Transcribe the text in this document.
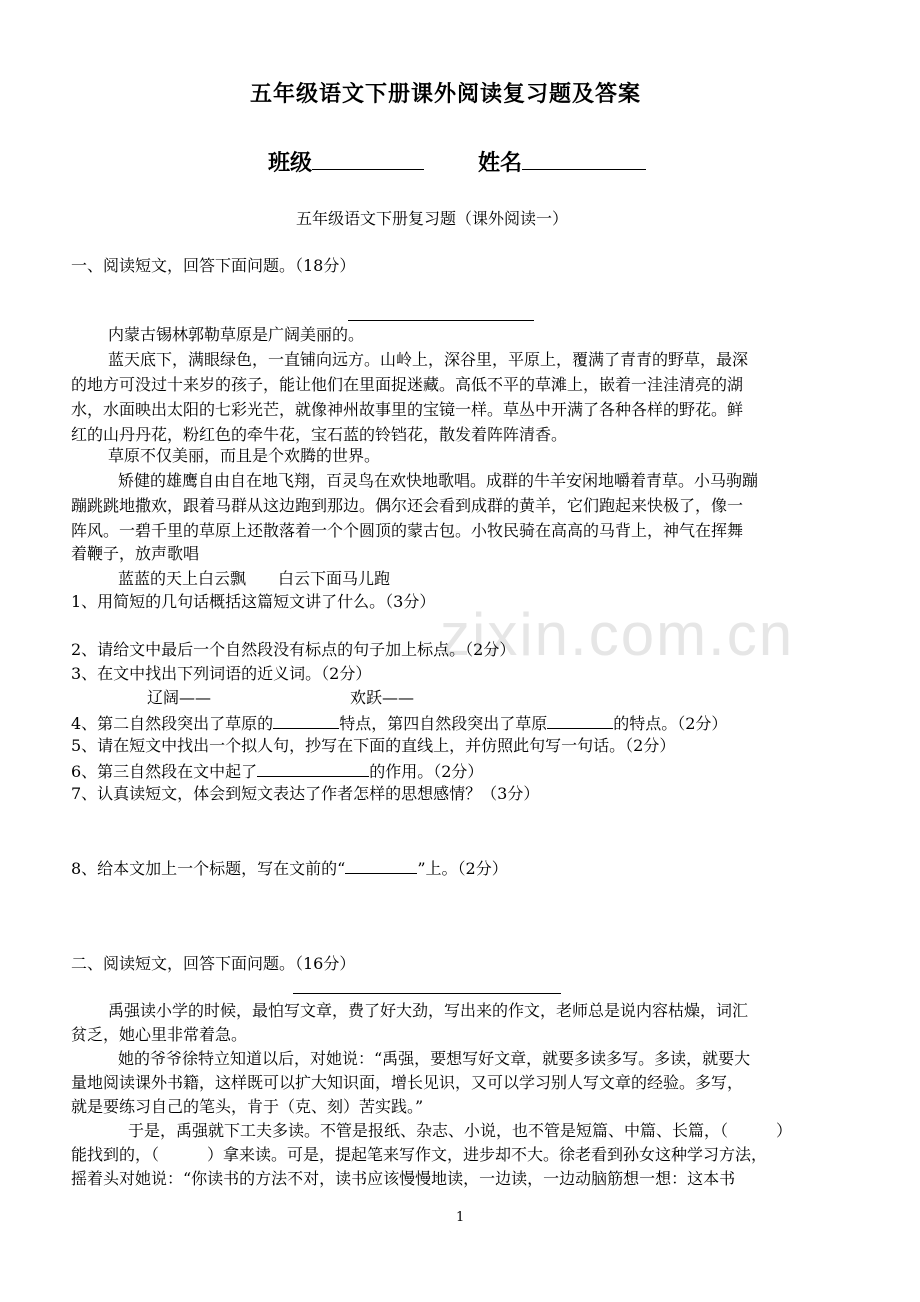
zixin.com.cn
五年级语文下册课外阅读复习题及答案
班级	姓名
五年级语文下册复习题（课外阅读一）
一、阅读短文，回答下面问题。（18分）
内蒙古锡林郭勒草原是广阔美丽的。
蓝天底下，满眼绿色，一直铺向远方。山岭上，深谷里，平原上，覆满了青青的野草，最深
的地方可没过十来岁的孩子，能让他们在里面捉迷藏。高低不平的草滩上，嵌着一洼洼清亮的湖
水，水面映出太阳的七彩光芒，就像神州故事里的宝镜一样。草丛中开满了各种各样的野花。鲜
红的山丹丹花，粉红色的牵牛花，宝石蓝的铃铛花，散发着阵阵清香。
草原不仅美丽，而且是个欢腾的世界。
矫健的雄鹰自由自在地飞翔，百灵鸟在欢快地歌唱。成群的牛羊安闲地嚼着青草。小马驹蹦
蹦跳跳地撒欢，跟着马群从这边跑到那边。偶尔还会看到成群的黄羊，它们跑起来快极了，像一
阵风。一碧千里的草原上还散落着一个个圆顶的蒙古包。小牧民骑在高高的马背上，神气在挥舞
着鞭子，放声歌唱
蓝蓝的天上白云飘　　白云下面马儿跑
1、用简短的几句话概括这篇短文讲了什么。（3分）
2、请给文中最后一个自然段没有标点的句子加上标点。（2分）
3、在文中找出下列词语的近义词。（2分）
辽阔——	欢跃——
4、第二自然段突出了草原的	特点，第四自然段突出了草原	的特点。（2分）
5、请在短文中找出一个拟人句，抄写在下面的直线上，并仿照此句写一句话。（2分）
6、第三自然段在文中起了	的作用。（2分）
7、认真读短文，体会到短文表达了作者怎样的思想感情？（3分）
8、给本文加上一个标题，写在文前的“	”上。（2分）
二、阅读短文，回答下面问题。（16分）
禹强读小学的时候，最怕写文章，费了好大劲，写出来的作文，老师总是说内容枯燥，词汇
贫乏，她心里非常着急。
她的爷爷徐特立知道以后，对她说：“禹强，要想写好文章，就要多读多写。多读，就要大
量地阅读课外书籍，这样既可以扩大知识面，增长见识，又可以学习别人写文章的经验。多写，
就是要练习自己的笔头，肯于（克、刻）苦实践。”
于是，禹强就下工夫多读。不管是报纸、杂志、小说，也不管是短篇、中篇、长篇，（　　　）
能找到的，（　　　）拿来读。可是，提起笔来写作文，进步却不大。徐老看到孙女这种学习方法，
摇着头对她说：“你读书的方法不对，读书应该慢慢地读，一边读，一边动脑筋想一想：这本书
1
